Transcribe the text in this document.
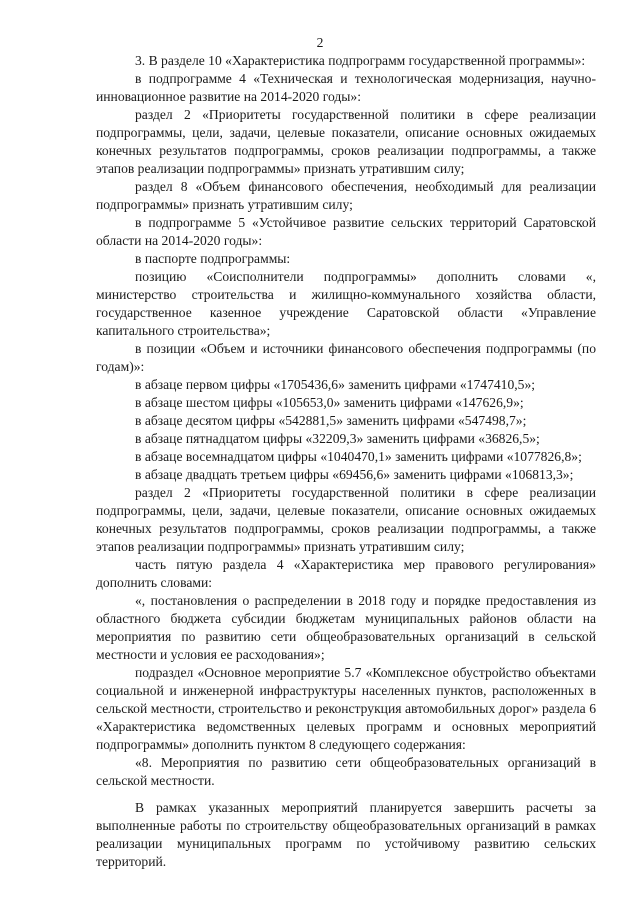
2

3. В разделе 10 «Характеристика подпрограмм государственной программы»:

в подпрограмме 4 «Техническая и технологическая модернизация, научно-инновационное развитие на 2014-2020 годы»:

раздел 2 «Приоритеты государственной политики в сфере реализации подпрограммы, цели, задачи, целевые показатели, описание основных ожидаемых конечных результатов подпрограммы, сроков реализации подпрограммы, а также этапов реализации подпрограммы» признать утратившим силу;

раздел 8 «Объем финансового обеспечения, необходимый для реализации подпрограммы» признать утратившим силу;

в подпрограмме 5 «Устойчивое развитие сельских территорий Саратовской области на 2014-2020 годы»:

в паспорте подпрограммы:

позицию «Соисполнители подпрограммы» дополнить словами «, министерство строительства и жилищно-коммунального хозяйства области, государственное казенное учреждение Саратовской области «Управление капитального строительства»;

в позиции «Объем и источники финансового обеспечения подпрограммы (по годам)»:

в абзаце первом цифры «1705436,6» заменить цифрами «1747410,5»;

в абзаце шестом цифры «105653,0» заменить цифрами «147626,9»;

в абзаце десятом цифры «542881,5» заменить цифрами «547498,7»;

в абзаце пятнадцатом цифры «32209,3» заменить цифрами «36826,5»;

в абзаце восемнадцатом цифры «1040470,1» заменить цифрами «1077826,8»;

в абзаце двадцать третьем цифры «69456,6» заменить цифрами «106813,3»;

раздел 2 «Приоритеты государственной политики в сфере реализации подпрограммы, цели, задачи, целевые показатели, описание основных ожидаемых конечных результатов подпрограммы, сроков реализации подпрограммы, а также этапов реализации подпрограммы» признать утратившим силу;

часть пятую раздела 4 «Характеристика мер правового регулирования» дополнить словами:

«, постановления о распределении в 2018 году и порядке предоставления из областного бюджета субсидии бюджетам муниципальных районов области на мероприятия по развитию сети общеобразовательных организаций в сельской местности и условия ее расходования»;

подраздел «Основное мероприятие 5.7 «Комплексное обустройство объектами социальной и инженерной инфраструктуры населенных пунктов, расположенных в сельской местности, строительство и реконструкция автомобильных дорог» раздела 6 «Характеристика ведомственных целевых программ и основных мероприятий подпрограммы» дополнить пунктом 8 следующего содержания:

«8. Мероприятия по развитию сети общеобразовательных организаций в сельской местности.

В рамках указанных мероприятий планируется завершить расчеты за выполненные работы по строительству общеобразовательных организаций в рамках реализации муниципальных программ по устойчивому развитию сельских территорий.
